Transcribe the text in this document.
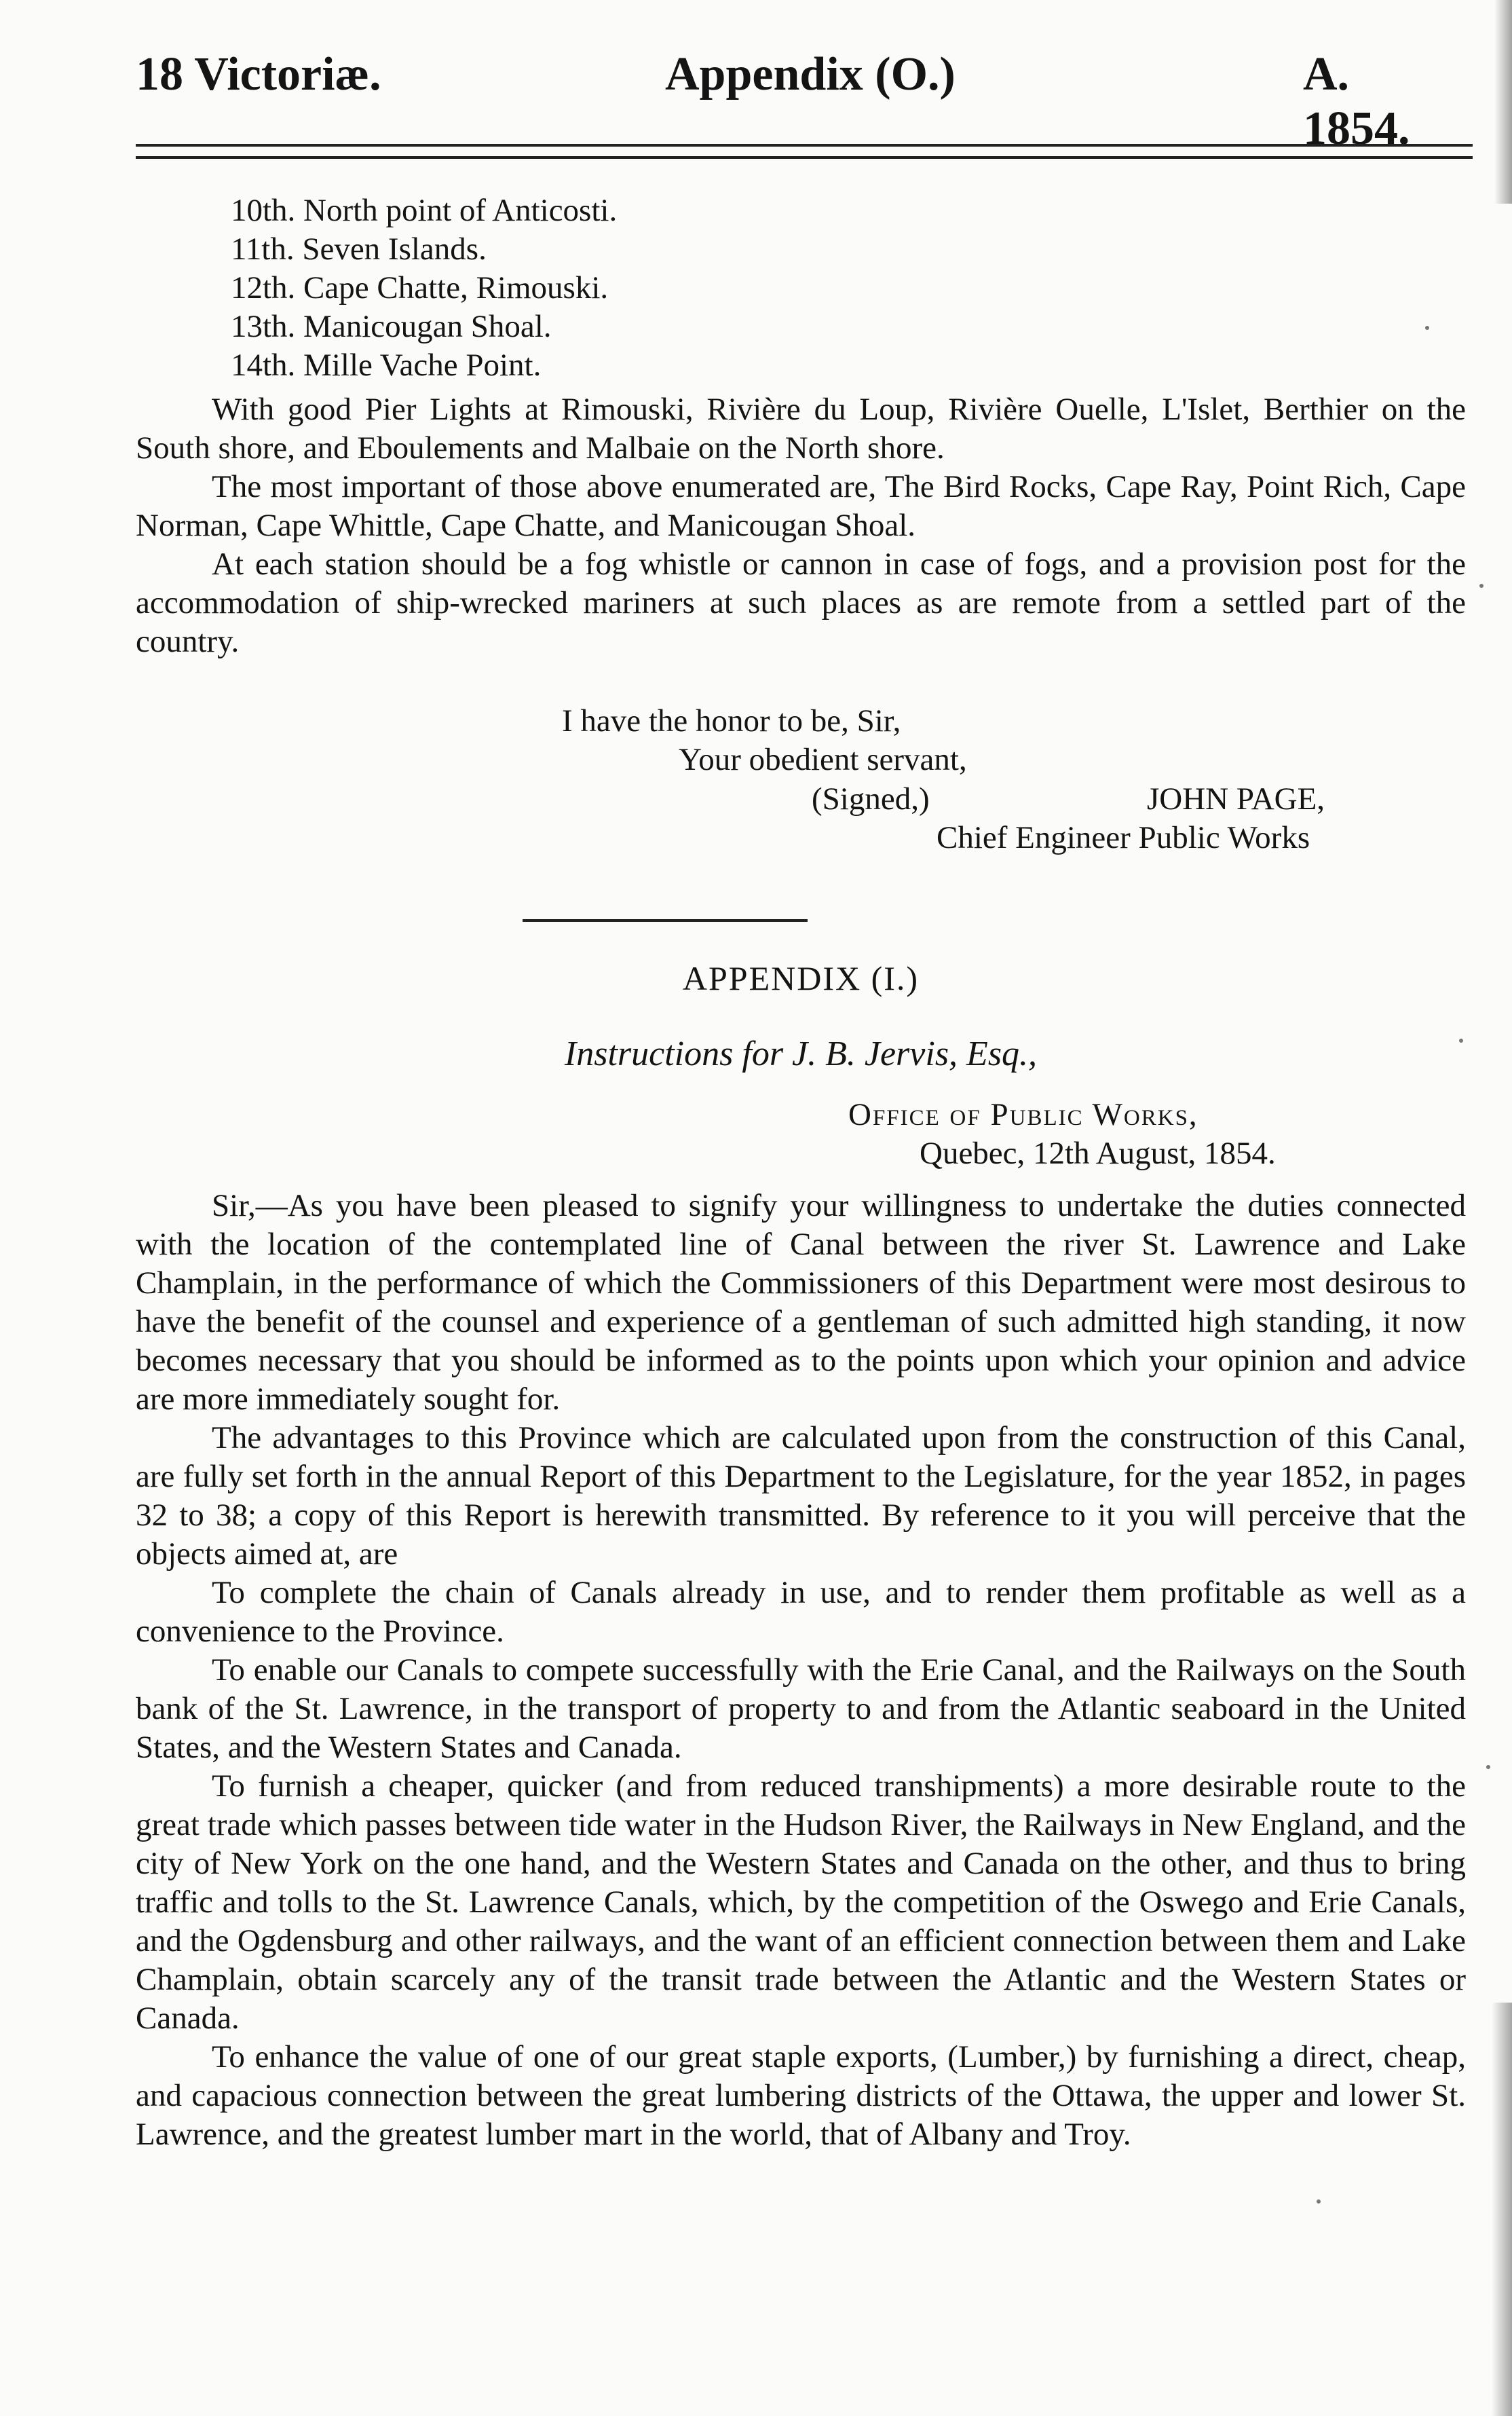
18 Victoriæ.	Appendix (O.)	A. 1854.
10th. North point of Anticosti.
11th. Seven Islands.
12th. Cape Chatte, Rimouski.
13th. Manicougan Shoal.
14th. Mille Vache Point.

With good Pier Lights at Rimouski, Rivière du Loup, Rivière Ouelle, L'Islet, Berthier on the South shore, and Eboulements and Malbaie on the North shore.

The most important of those above enumerated are, The Bird Rocks, Cape Ray, Point Rich, Cape Norman, Cape Whittle, Cape Chatte, and Manicougan Shoal.

At each station should be a fog whistle or cannon in case of fogs, and a provision post for the accommodation of ship-wrecked mariners at such places as are remote from a settled part of the country.

I have the honor to be, Sir,
Your obedient servant,
(Signed,)	JOHN PAGE,
Chief Engineer Public Works
APPENDIX (I.)
Instructions for J. B. Jervis, Esq.,
Office of Public Works,
Quebec, 12th August, 1854.

Sir,—As you have been pleased to signify your willingness to undertake the duties connected with the location of the contemplated line of Canal between the river St. Lawrence and Lake Champlain, in the performance of which the Commissioners of this Department were most desirous to have the benefit of the counsel and experience of a gentleman of such admitted high standing, it now becomes necessary that you should be informed as to the points upon which your opinion and advice are more immediately sought for.

The advantages to this Province which are calculated upon from the construction of this Canal, are fully set forth in the annual Report of this Department to the Legislature, for the year 1852, in pages 32 to 38; a copy of this Report is herewith transmitted. By reference to it you will perceive that the objects aimed at, are

To complete the chain of Canals already in use, and to render them profitable as well as a convenience to the Province.

To enable our Canals to compete successfully with the Erie Canal, and the Railways on the South bank of the St. Lawrence, in the transport of property to and from the Atlantic seaboard in the United States, and the Western States and Canada.

To furnish a cheaper, quicker (and from reduced transhipments) a more desirable route to the great trade which passes between tide water in the Hudson River, the Railways in New England, and the city of New York on the one hand, and the Western States and Canada on the other, and thus to bring traffic and tolls to the St. Lawrence Canals, which, by the competition of the Oswego and Erie Canals, and the Ogdensburg and other railways, and the want of an efficient connection between them and Lake Champlain, obtain scarcely any of the transit trade between the Atlantic and the Western States or Canada.

To enhance the value of one of our great staple exports, (Lumber,) by furnishing a direct, cheap, and capacious connection between the great lumbering districts of the Ottawa, the upper and lower St. Lawrence, and the greatest lumber mart in the world, that of Albany and Troy.
